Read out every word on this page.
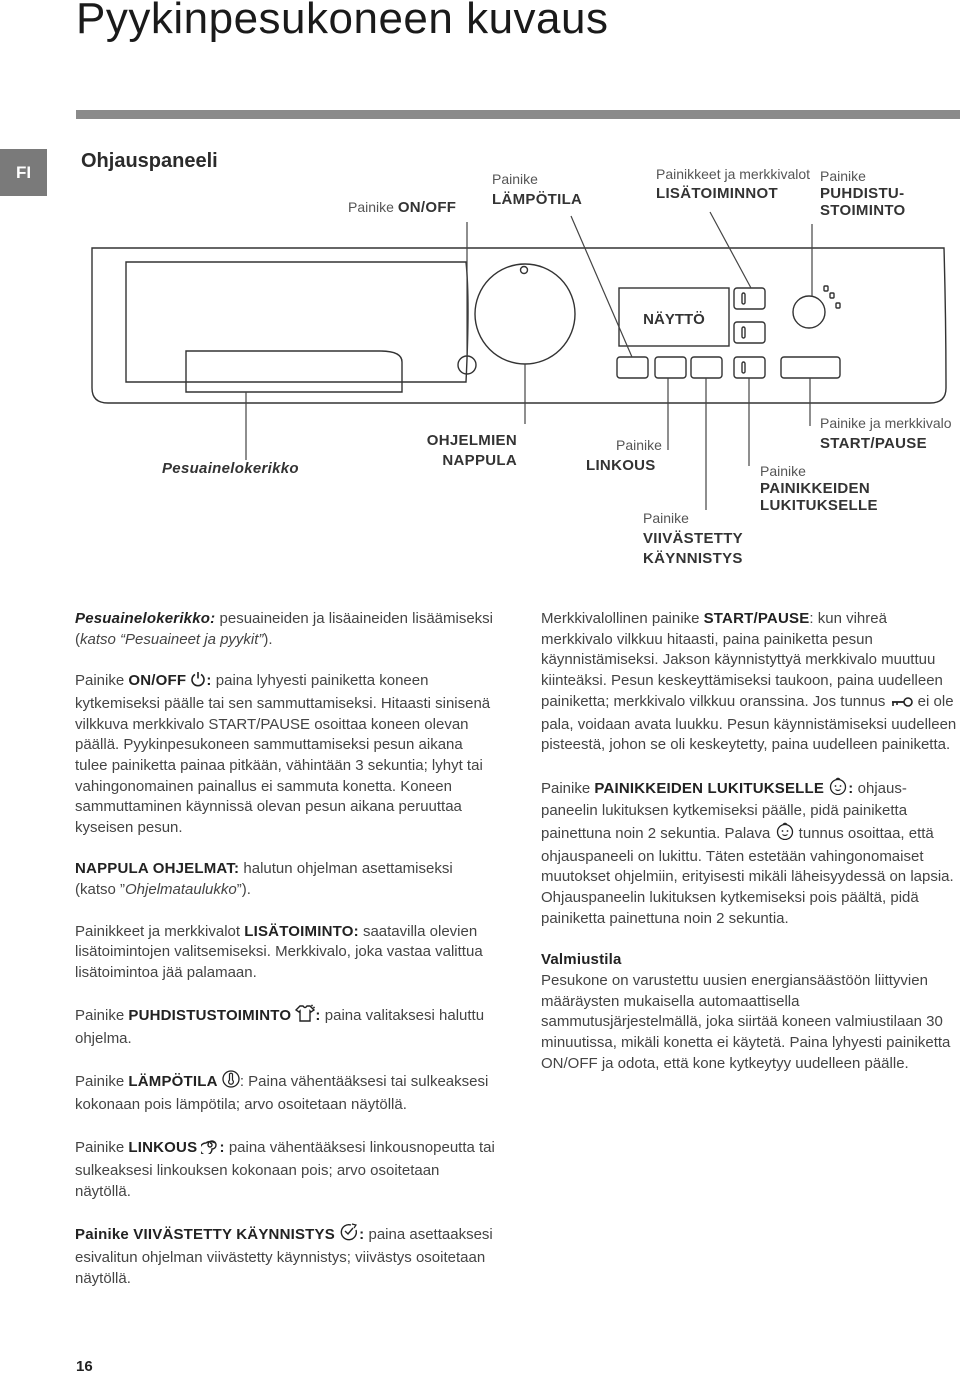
Pyykinpesukoneen kuvaus
FI	Ohjauspaneeli
NÄYTTÖ
Painike ON/OFF
Painike
LÄMPÖTILA
Painikkeet ja merkkivalot
LISÄTOIMINNOT
Painike
PUHDISTU-
STOIMINTO
Pesuainelokerikko
OHJELMIEN
NAPPULA
Painike
LINKOUS
Painike
VIIVÄSTETTY
KÄYNNISTYS
Painike
PAINIKKEIDEN
LUKITUKSELLE
Painike ja merkkivalo
START/PAUSE

Pesuainelokerikko: pesuaineiden ja lisäaineiden lisäämiseksi (katso “Pesuaineet ja pyykit”).

Painike ON/OFF : paina lyhyesti painiketta koneen kytkemiseksi päälle tai sen sammuttamiseksi. Hitaasti sinisenä vilkkuva merkkivalo START/PAUSE osoittaa koneen olevan päällä. Pyykinpesukoneen sammuttamiseksi pesun aikana tulee painiketta painaa pitkään, vähintään 3 sekuntia; lyhyt tai vahingonomainen painallus ei sammuta konetta. Koneen sammuttaminen käynnissä olevan pesun aikana peruuttaa kyseisen pesun.

NAPPULA OHJELMAT: halutun ohjelman asettamiseksi (katso ”Ohjelmataulukko”).

Painikkeet ja merkkivalot LISÄTOIMINTO: saatavilla olevien lisätoimintojen valitsemiseksi. Merkkivalo, joka vastaa valittua lisätoimintoa jää palamaan.

Painike PUHDISTUSTOIMINTO : paina valitaksesi haluttu ohjelma.

Painike LÄMPÖTILA : Paina vähentääksesi tai sulkeaksesi kokonaan pois lämpötila; arvo osoitetaan näytöllä.

Painike LINKOUS : paina vähentääksesi linkousnopeutta tai sulkeaksesi linkouksen kokonaan pois; arvo osoitetaan näytöllä.

Painike VIIVÄSTETTY KÄYNNISTYS : paina asettaaksesi esivalitun ohjelman viivästetty käynnistys; viivästys osoitetaan näytöllä.

Merkkivalollinen painike START/PAUSE: kun vihreä merkkivalo vilkkuu hitaasti, paina painiketta pesun käynnistämiseksi. Jakson käynnistyttyä merkkivalo muuttuu kiinteäksi. Pesun keskeyttämiseksi taukoon, paina uudelleen painiketta; merkkivalo vilkkuu oranssina. Jos tunnus  ei ole pala, voidaan avata luukku. Pesun käynnistämiseksi uudelleen pisteestä, johon se oli keskeytetty, paina uudelleen painiketta.

Painike PAINIKKEIDEN LUKITUKSELLE : ohjaus-paneelin lukituksen kytkemiseksi päälle, pidä painiketta painettuna noin 2 sekuntia. Palava  tunnus osoittaa, että ohjauspaneeli on lukittu. Täten estetään vahingonomaiset muutokset ohjelmiin, erityisesti mikäli läheisyydessä on lapsia. Ohjauspaneelin lukituksen kytkemiseksi pois päältä, pidä painiketta painettuna noin 2 sekuntia.

Valmiustila
Pesukone on varustettu uusien energiansäästöön liittyvien määräysten mukaisella automaattisella sammutusjärjestelmällä, joka siirtää koneen valmiustilaan 30 minuutissa, mikäli konetta ei käytetä. Paina lyhyesti painiketta ON/OFF ja odota, että kone kytkeytyy uudelleen päälle.
16
